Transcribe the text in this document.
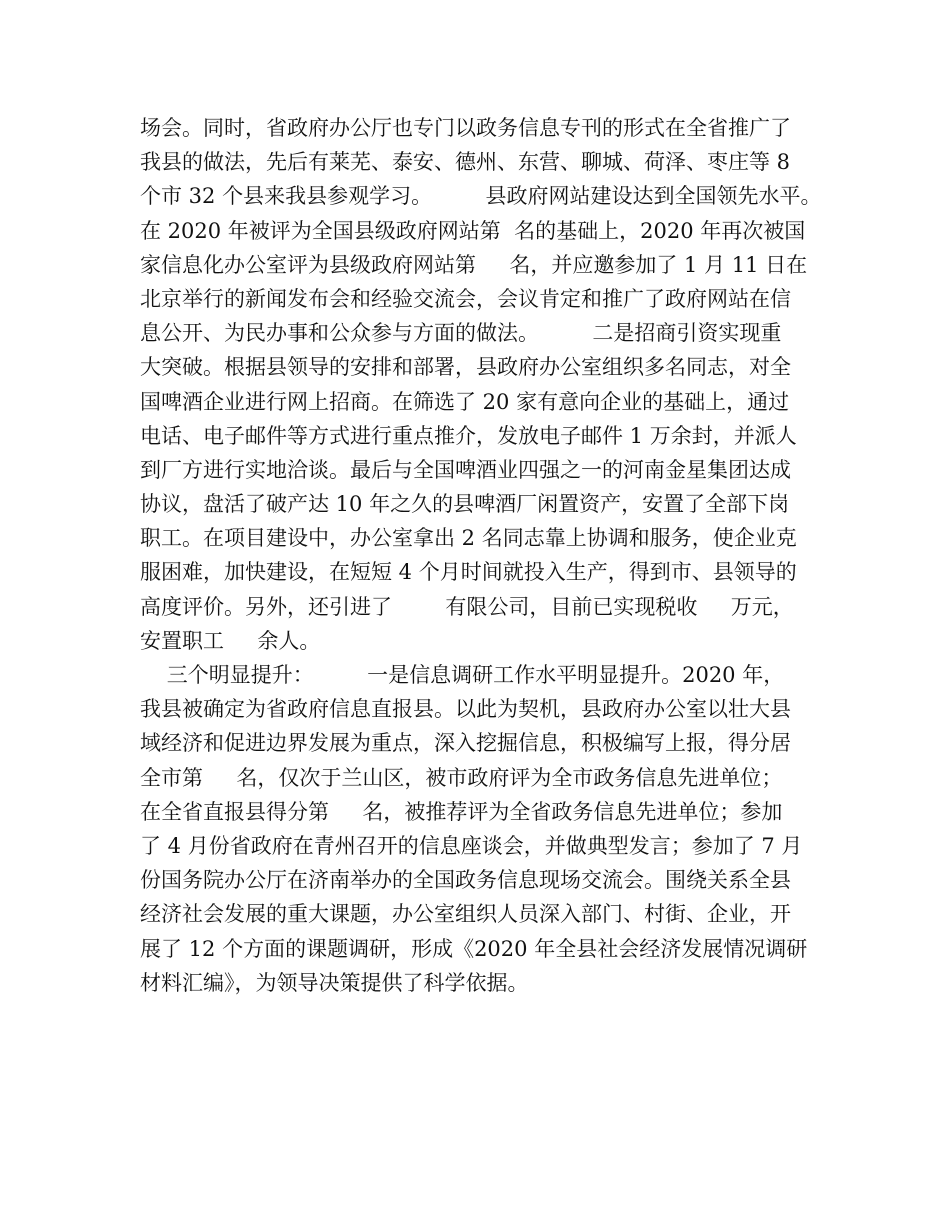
场会。同时，省政府办公厅也专门以政务信息专刊的形式在全省推广了
我县的做法，先后有莱芜、泰安、德州、东营、聊城、荷泽、枣庄等 8
个市 32 个县来我县参观学习。        县政府网站建设达到全国领先水平。
在 2020 年被评为全国县级政府网站第  名的基础上，2020 年再次被国
家信息化办公室评为县级政府网站第     名，并应邀参加了 1 月 11 日在
北京举行的新闻发布会和经验交流会，会议肯定和推广了政府网站在信
息公开、为民办事和公众参与方面的做法。        二是招商引资实现重
大突破。根据县领导的安排和部署，县政府办公室组织多名同志，对全
国啤酒企业进行网上招商。在筛选了 20 家有意向企业的基础上，通过
电话、电子邮件等方式进行重点推介，发放电子邮件 1 万余封，并派人
到厂方进行实地洽谈。最后与全国啤酒业四强之一的河南金星集团达成
协议，盘活了破产达 10 年之久的县啤酒厂闲置资产，安置了全部下岗
职工。在项目建设中，办公室拿出 2 名同志靠上协调和服务，使企业克
服困难，加快建设，在短短 4 个月时间就投入生产，得到市、县领导的
高度评价。另外，还引进了        有限公司，目前已实现税收     万元，
安置职工     余人。
三个明显提升：        一是信息调研工作水平明显提升。2020 年，
我县被确定为省政府信息直报县。以此为契机，县政府办公室以壮大县
域经济和促进边界发展为重点，深入挖掘信息，积极编写上报，得分居
全市第     名，仅次于兰山区，被市政府评为全市政务信息先进单位；
在全省直报县得分第     名，被推荐评为全省政务信息先进单位；参加
了 4 月份省政府在青州召开的信息座谈会，并做典型发言；参加了 7 月
份国务院办公厅在济南举办的全国政务信息现场交流会。围绕关系全县
经济社会发展的重大课题，办公室组织人员深入部门、村街、企业，开
展了 12 个方面的课题调研，形成《2020 年全县社会经济发展情况调研
材料汇编》，为领导决策提供了科学依据。
